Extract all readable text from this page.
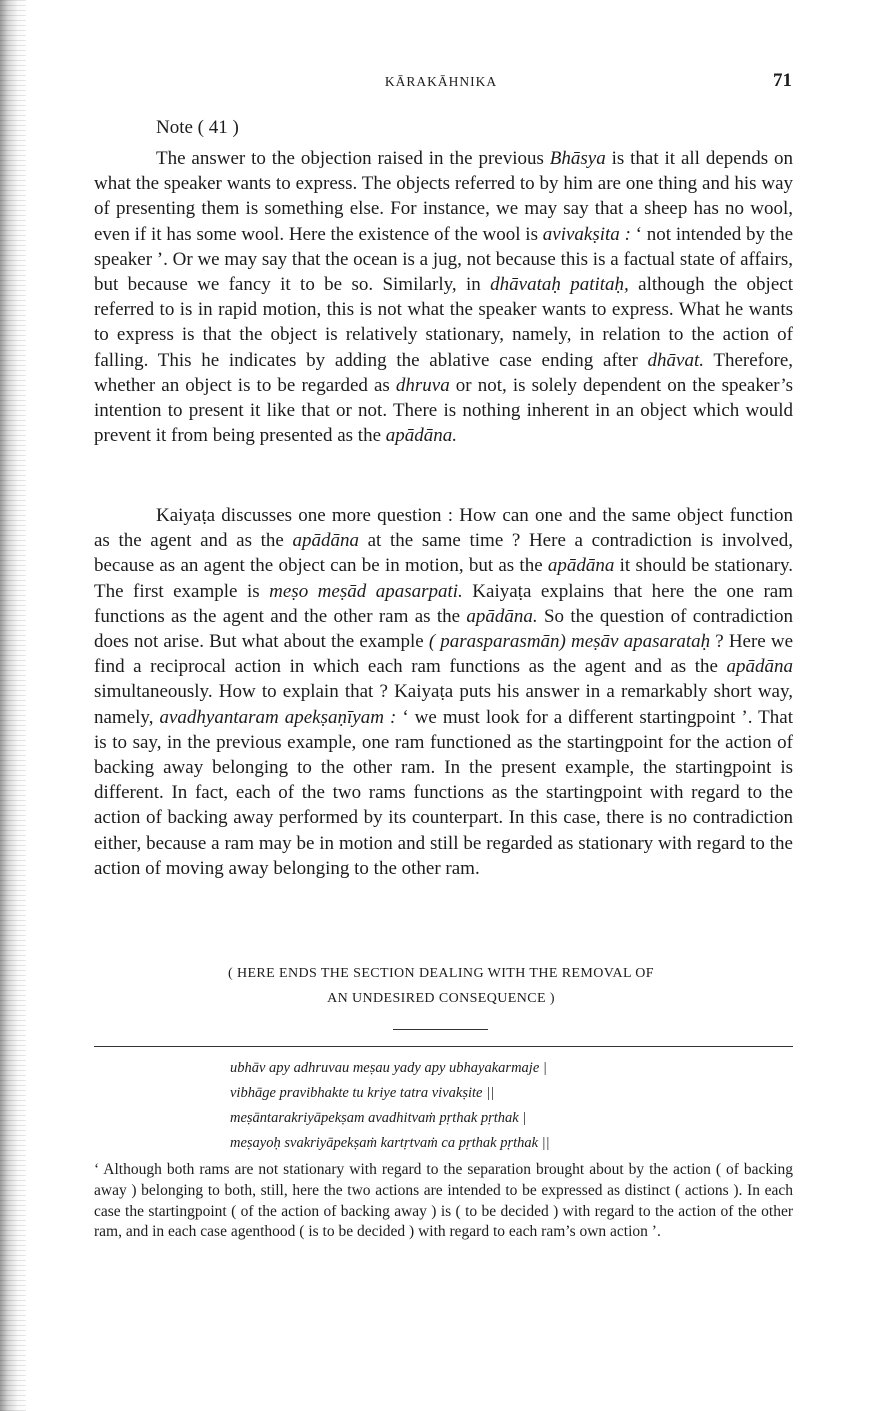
KĀRAKĀHNIKA	71
Note ( 41 )

The answer to the objection raised in the previous Bhāsya is that it all depends on what the speaker wants to express. The objects referred to by him are one thing and his way of presenting them is something else. For instance, we may say that a sheep has no wool, even if it has some wool. Here the existence of the wool is avivakṣita : ‘ not intended by the speaker ’. Or we may say that the ocean is a jug, not because this is a factual state of affairs, but because we fancy it to be so. Similarly, in dhāvataḥ patitaḥ, although the object referred to is in rapid motion, this is not what the speaker wants to express. What he wants to express is that the object is relatively stationary, namely, in relation to the action of falling. This he indicates by adding the ablative case ending after dhāvat. Therefore, whether an object is to be regarded as dhruva or not, is solely dependent on the speaker’s intention to present it like that or not. There is nothing inherent in an object which would prevent it from being presented as the apādāna.

Kaiyaṭa discusses one more question : How can one and the same object function as the agent and as the apādāna at the same time ? Here a contradiction is involved, because as an agent the object can be in motion, but as the apādāna it should be stationary. The first example is meṣo meṣād apasarpati. Kaiyaṭa explains that here the one ram functions as the agent and the other ram as the apādāna. So the question of contradiction does not arise. But what about the example ( parasparasmān) meṣāv apasarataḥ ? Here we find a reciprocal action in which each ram functions as the agent and as the apādāna simultaneously. How to explain that ? Kaiyaṭa puts his answer in a remarkably short way, namely, avadhyantaram apekṣaṇīyam : ‘ we must look for a different startingpoint ’. That is to say, in the previous example, one ram functioned as the startingpoint for the action of backing away belonging to the other ram. In the present example, the startingpoint is different. In fact, each of the two rams functions as the startingpoint with regard to the action of backing away performed by its counterpart. In this case, there is no contradiction either, because a ram may be in motion and still be regarded as stationary with regard to the action of moving away belonging to the other ram.

( HERE ENDS THE SECTION DEALING WITH THE REMOVAL OF
AN UNDESIRED CONSEQUENCE )
ubhāv apy adhruvau meṣau yady apy ubhayakarmaje |
vibhāge pravibhakte tu kriye tatra vivakṣite ||
meṣāntarakriyāpekṣam avadhitvaṁ pṛthak pṛthak |
meṣayoḥ svakriyāpekṣaṁ kartṛtvaṁ ca pṛthak pṛthak ||

‘ Although both rams are not stationary with regard to the separation brought about by the action ( of backing away ) belonging to both, still, here the two actions are intended to be expressed as distinct ( actions ). In each case the startingpoint ( of the action of backing away ) is ( to be decided ) with regard to the action of the other ram, and in each case agenthood ( is to be decided ) with regard to each ram’s own action ’.
